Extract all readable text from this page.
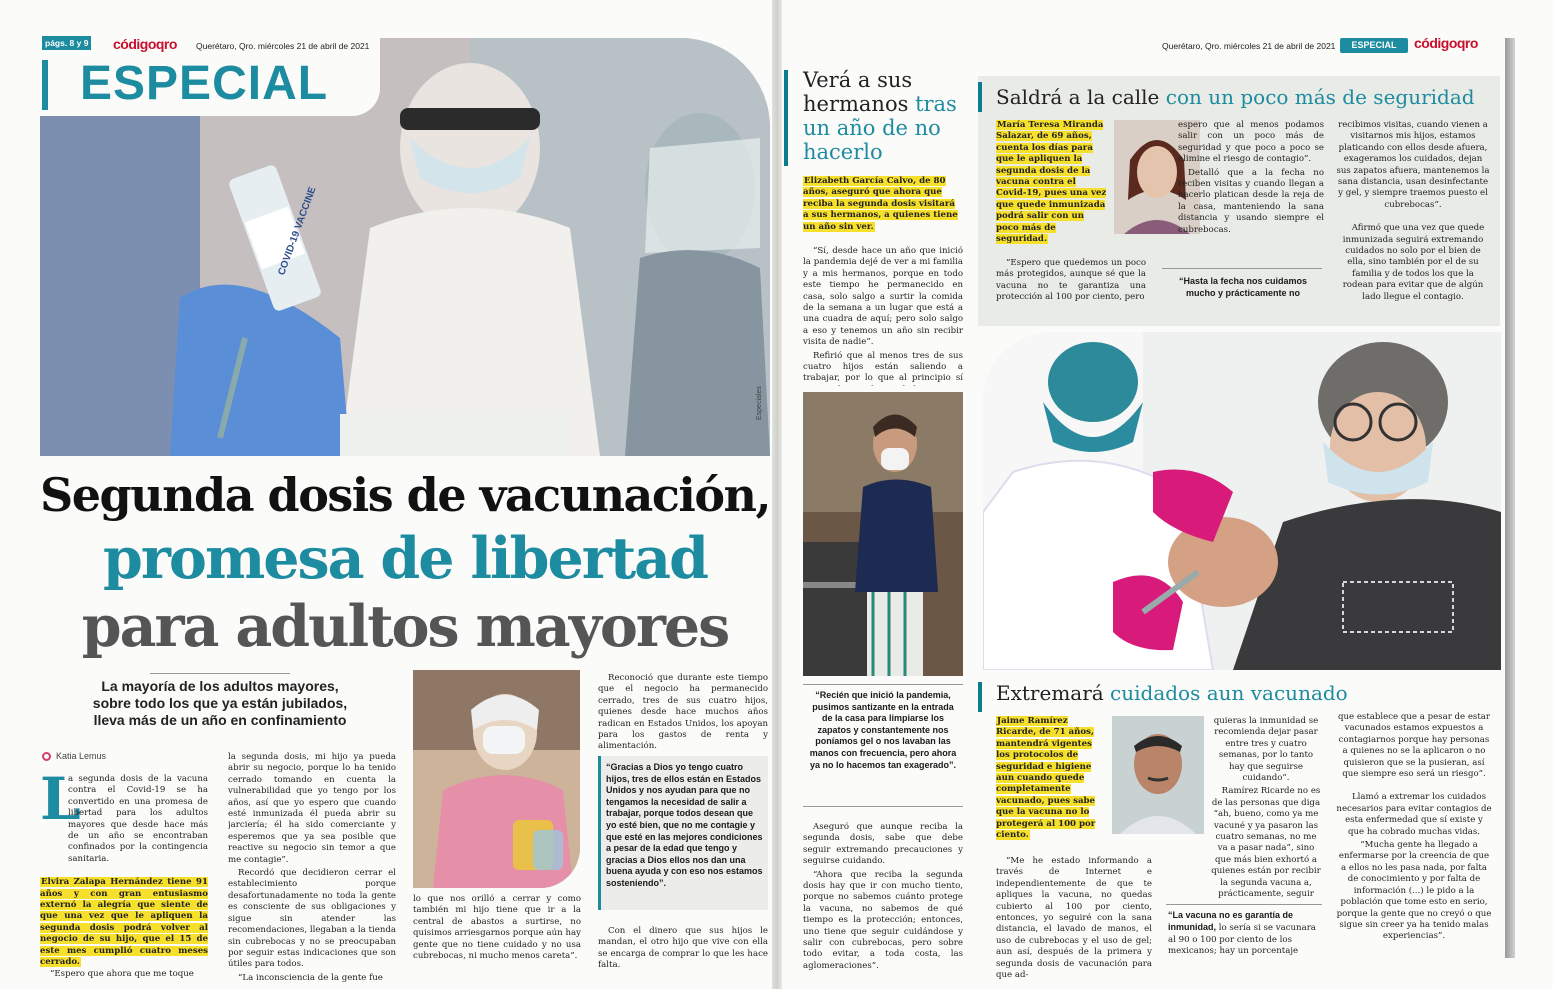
COVID-19 VACCINE
Especiales
págs. 8 y 9 códigoqro Querétaro, Qro. miércoles 21 de abril de 2021
ESPECIAL
Segunda dosis de vacunación,
promesa de libertad
para adultos mayores
La mayoría de los adultos mayores, sobre todo los que ya están jubilados, lleva más de un año en confinamiento
Katia Lemus
L
a segunda dosis de la vacuna contra el Covid-19 se ha convertido en una promesa de libertad para los adultos mayores que desde hace más de un año se encontraban confinados por la contingencia sanitaria.
Elvira Zalapa Hernández tiene 91 años y con gran entusiasmo externó la alegría que siente de que una vez que le apliquen la segunda dosis podrá volver al negocio de su hijo, que el 15 de este mes cumplió cuatro meses cerrado.
“Espero que ahora que me toque

la segunda dosis, mi hijo ya pueda abrir su negocio, porque lo ha tenido cerrado tomando en cuenta la vulnerabilidad que yo tengo por los años, así que yo espero que cuando esté inmunizada él pueda abrir su jarciería; él ha sido comerciante y esperemos que ya sea posible que reactive su negocio sin temor a que me contagie”.

Recordó que decidieron cerrar el establecimiento porque desafortunadamente no toda la gente es consciente de sus obligaciones y sigue sin atender las recomendaciones, llegaban a la tienda sin cubrebocas y no se preocupaban por seguir estas indicaciones que son útiles para todos.

“La inconsciencia de la gente fue

lo que nos orilló a cerrar y como también mi hijo tiene que ir a la central de abastos a surtirse, no quisimos arriesgarnos porque aún hay gente que no tiene cuidado y no usa cubrebocas, ni mucho menos careta”.

Reconoció que durante este tiempo que el negocio ha permanecido cerrado, tres de sus cuatro hijos, quienes desde hace muchos años radican en Estados Unidos, los apoyan para los gastos de renta y alimentación.

“Gracias a Dios yo tengo cuatro hijos, tres de ellos están en Estados Unidos y nos ayudan para que no tengamos la necesidad de salir a trabajar, porque todos desean que yo esté bien, que no me contagie y que esté en las mejores condiciones a pesar de la edad que tengo y gracias a Dios ellos nos dan una buena ayuda y con eso nos estamos sosteniendo”.

Con el dinero que sus hijos le mandan, el otro hijo que vive con ella se encarga de comprar lo que les hace falta.

Querétaro, Qro. miércoles 21 de abril de 2021	ESPECIAL	códigoqro
Verá a sus hermanos tras un año de no hacerlo
Elizabeth García Calvo, de 80 años, aseguró que ahora que reciba la segunda dosis visitará a sus hermanos, a quienes tiene un año sin ver.

“Sí, desde hace un año que inició la pandemia dejé de ver a mi familia y a mis hermanos, porque en todo este tiempo he permanecido en casa, solo salgo a surtir la comida de la semana a un lugar que está a una cuadra de aquí; pero solo salgo a eso y tenemos un año sin recibir visita de nadie”.

Refirió que al menos tres de sus cuatro hijos están saliendo a trabajar, por lo que al principio sí

“Recién que inició la pandemia, pusimos santizante en la entrada de la casa para limpiarse los zapatos y constantemente nos poníamos gel o nos lavaban las manos con frecuencia, pero ahora ya no lo hacemos tan exagerado”.

Aseguró que aunque reciba la segunda dosis, sabe que debe seguir extremando precauciones y seguirse cuidando.

“Ahora que reciba la segunda dosis hay que ir con mucho tiento, porque no sabemos cuánto protege la vacuna, no sabemos de qué tiempo es la protección; entonces, uno tiene que seguir cuidándose y salir con cubrebocas, pero sobre todo evitar, a toda costa, las aglomeraciones”.

Saldrá a la calle con un poco más de seguridad
María Teresa Miranda Salazar, de 69 años, cuenta los días para que le apliquen la segunda dosis de la vacuna contra el Covid-19, pues una vez que quede inmunizada podrá salir con un poco más de seguridad.

“Espero que quedemos un poco más protegidos, aunque sé que la vacuna no te garantiza una protección al 100 por ciento, pero

espero que al menos podamos salir con un poco más de seguridad y que poco a poco se elimine el riesgo de contagio”.

Detalló que a la fecha no reciben visitas y cuando llegan a hacerlo platican desde la reja de la casa, manteniendo la sana distancia y usando siempre el cubrebocas.

“Hasta la fecha nos cuidamos mucho y prácticamente no

recibimos visitas, cuando vienen a visitarnos mis hijos, estamos platicando con ellos desde afuera, exageramos los cuidados, dejan sus zapatos afuera, mantenemos la sana distancia, usan desinfectante y gel, y siempre traemos puesto el cubrebocas”.

Afirmó que una vez que quede inmunizada seguirá extremando cuidados no solo por el bien de ella, sino también por el de su familia y de todos los que la rodean para evitar que de algún lado llegue el contagio.

Extremará cuidados aun vacunado
Jaime Ramírez Ricarde, de 71 años, mantendrá vigentes los protocolos de seguridad e higiene aun cuando quede completamente vacunado, pues sabe que la vacuna no lo protegerá al 100 por ciento.

“Me he estado informando a través de Internet e independientemente de que te apliques la vacuna, no quedas cubierto al 100 por ciento, entonces, yo seguiré con la sana distancia, el lavado de manos, el uso de cubrebocas y el uso de gel; aun así, después de la primera y segunda dosis de vacunación para que ad-

quieras la inmunidad se recomienda dejar pasar entre tres y cuatro semanas, por lo tanto hay que seguirse cuidando”.

Ramírez Ricarde no es de las personas que diga “ah, bueno, como ya me vacuné y ya pasaron las cuatro semanas, no me va a pasar nada”, sino que más bien exhortó a quienes están por recibir la segunda vacuna a, prácticamente, seguir

“La vacuna no es garantía de inmunidad, lo sería si se vacunara al 90 o 100 por ciento de los mexicanos; hay un porcentaje

que establece que a pesar de estar vacunados estamos expuestos a contagiarnos porque hay personas a quienes no se la aplicaron o no quisieron que se la pusieran, así que siempre eso será un riesgo”.

Llamó a extremar los cuidados necesarios para evitar contagios de esta enfermedad que sí existe y que ha cobrado muchas vidas.

“Mucha gente ha llegado a enfermarse por la creencia de que a ellos no les pasa nada, por falta de conocimiento y por falta de información (...) le pido a la población que tome esto en serio, porque la gente que no creyó o que sigue sin creer ya ha tenido malas experiencias”.
